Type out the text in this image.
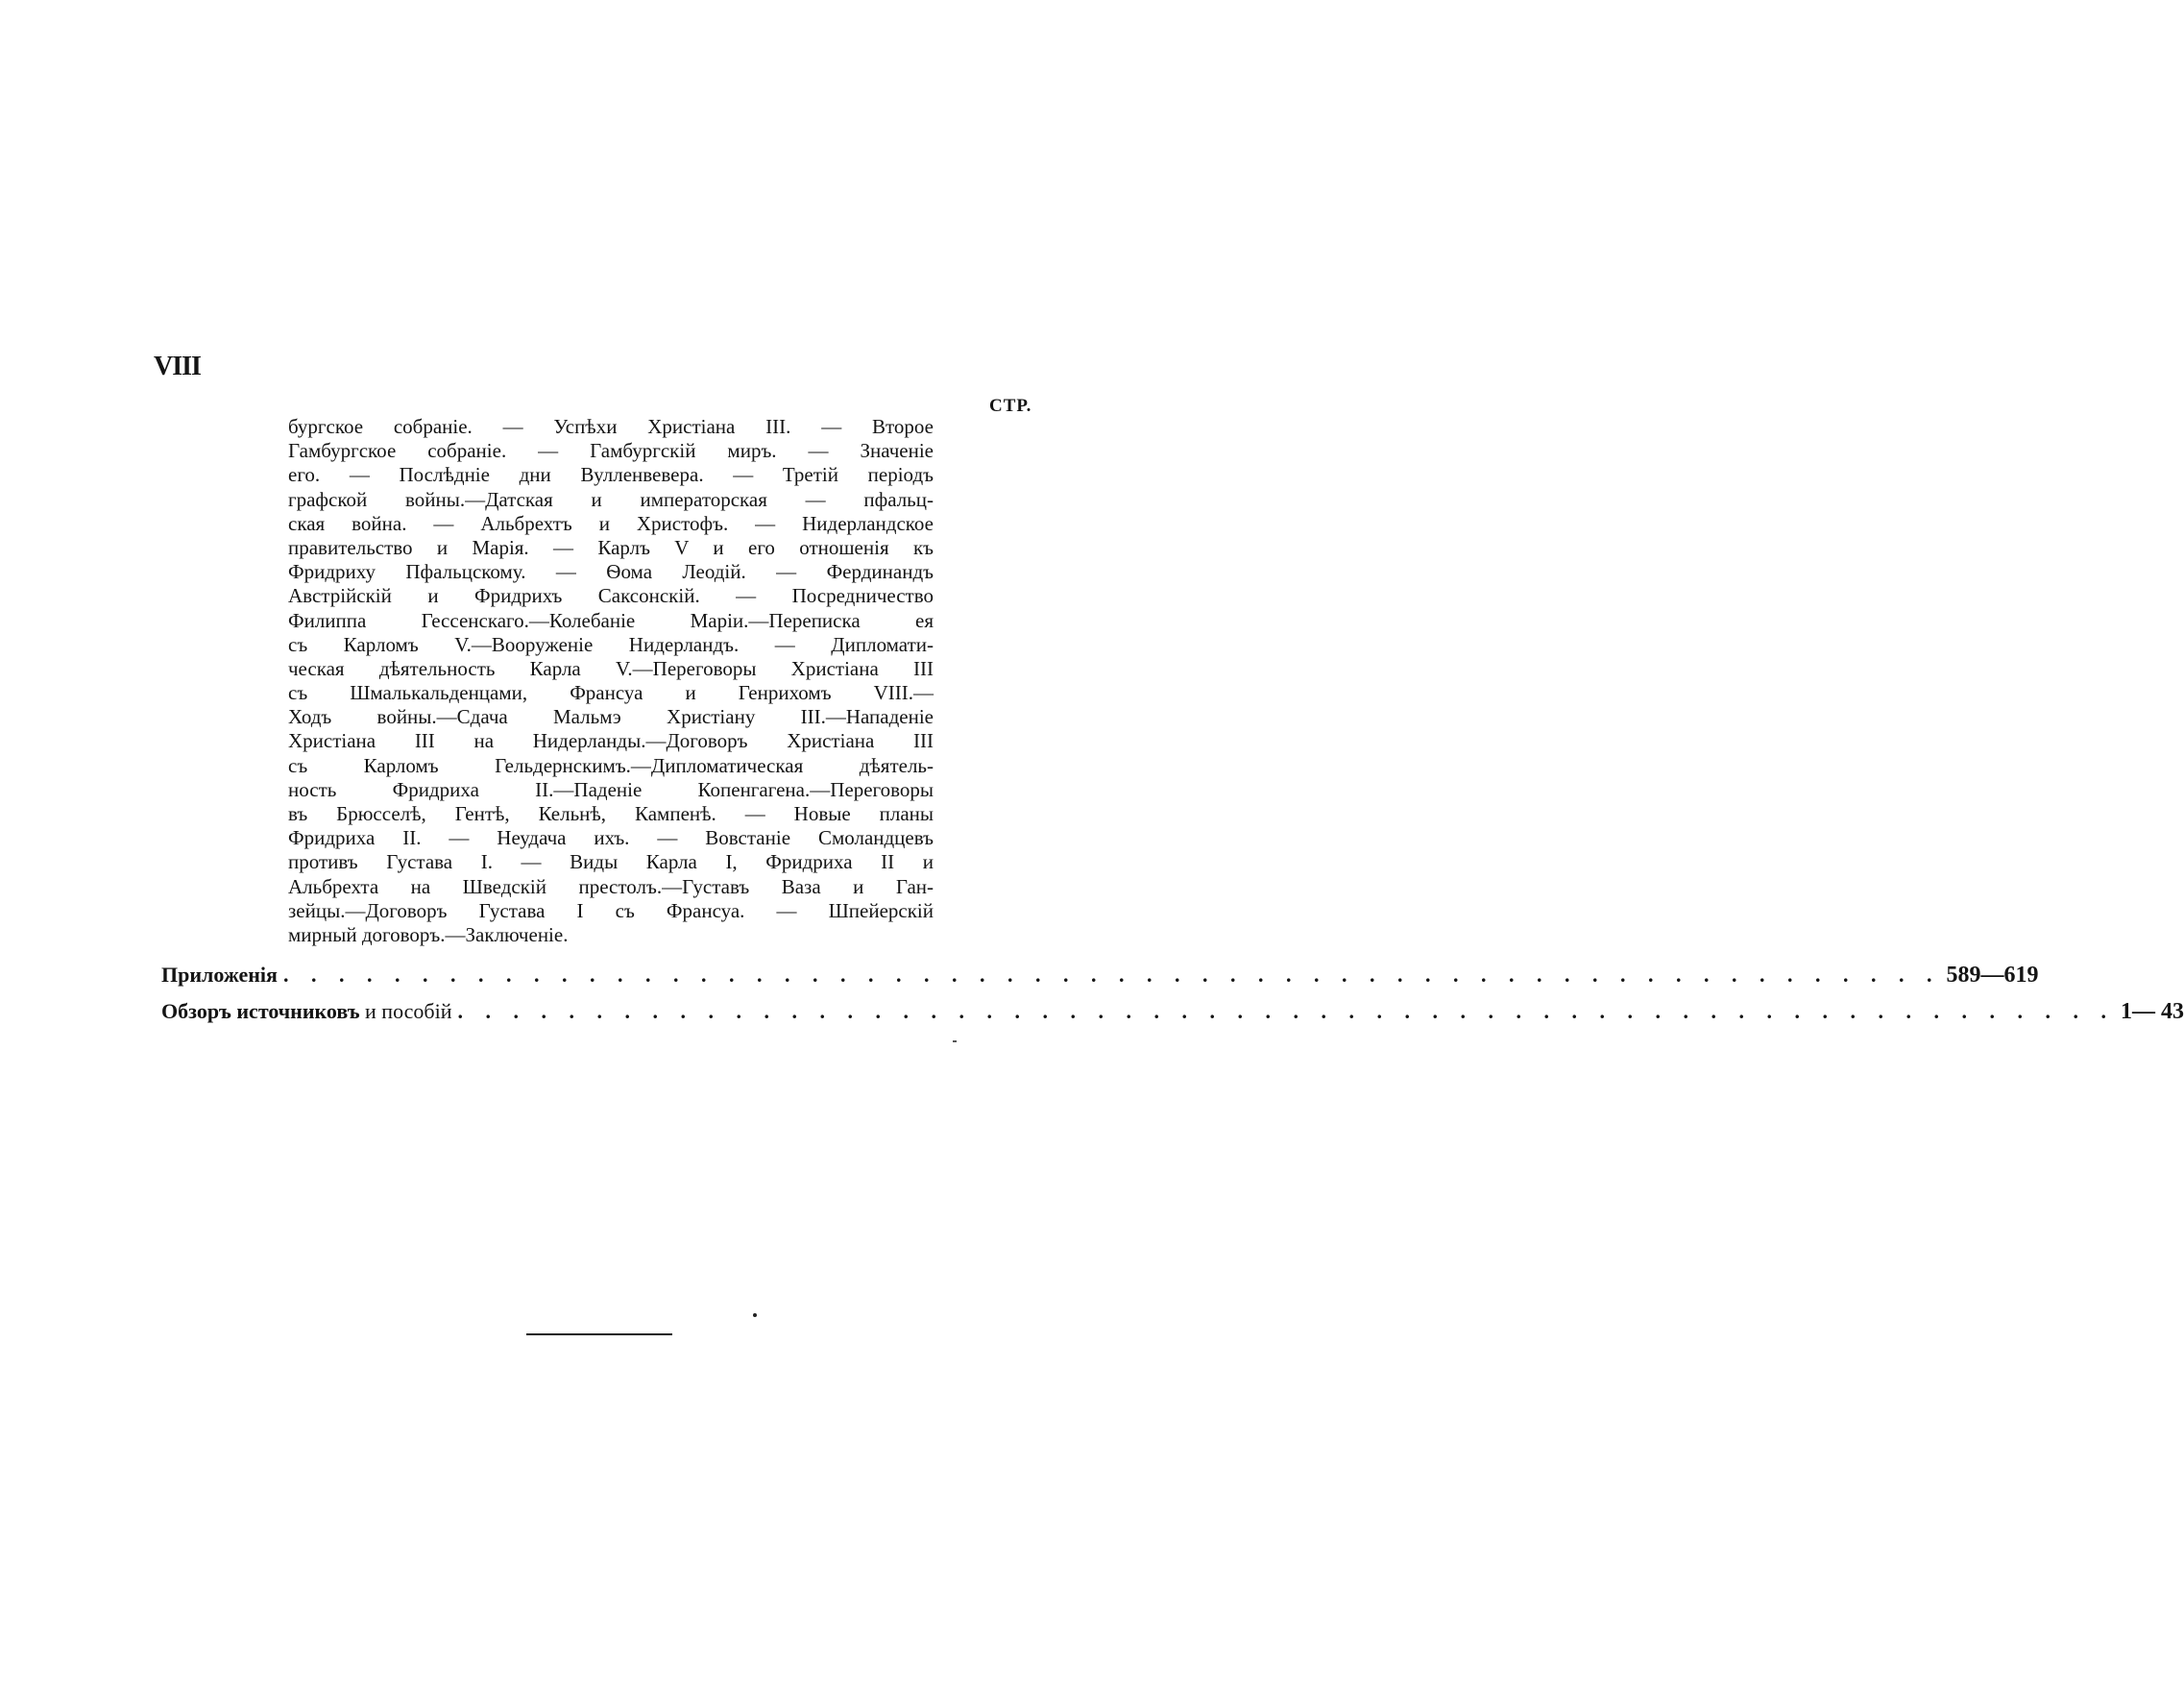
VIII
СТР.
бургское собраніе. — Успѣхи Христіана III. — Второе
Гамбургское собраніе. — Гамбургскій миръ. — Значеніе
его. — Послѣдніе дни Вулленвевера. — Третій періодъ
графской войны.—Датская и императорская — пфальц-
ская война. — Альбрехтъ и Христофъ. — Нидерландское
правительство и Марія. — Карлъ V и его отношенія къ
Фридриху Пфальцскому. — Ѳома Леодій. — Фердинандъ
Австрійскій и Фридрихъ Саксонскій. — Посредничество
Филиппа Гессенскаго.—Колебаніе Маріи.—Переписка ея
съ Карломъ V.—Вооруженіе Нидерландъ. — Дипломати-
ческая дѣятельность Карла V.—Переговоры Христіана III
съ Шмалькальденцами, Франсуа и Генрихомъ VIII.—
Ходъ войны.—Сдача Мальмэ Христіану III.—Нападеніе
Христіана III на Нидерланды.—Договоръ Христіана III
съ Карломъ Гельдернскимъ.—Дипломатическая дѣятель-
ность Фридриха II.—Паденіе Копенгагена.—Переговоры
въ Брюсселѣ, Гентѣ, Кельнѣ, Кампенѣ. — Новые планы
Фридриха II. — Неудача ихъ. — Вовстаніе Смоландцевъ
противъ Густава I. — Виды Карла I, Фридриха II и
Альбрехта на Шведскій престолъ.—Густавъ Ваза и Ган-
зейцы.—Договоръ Густава I съ Франсуа. — Шпейерскій
мирный договоръ.—Заключеніе.
Приложенія . . . . . . . . . . . . . . . . . . . . . . . . . . . . . . . . . . . . . . . . . . . . . . . . . . . . . . . . . . . . 589—619
Обзоръ источниковъ и пособій . . . . . . . . . . . . . . . . . . . . . . . . . . . . . . . . . . . . . . . . . . . . . . . . . . . . . . . . . . . . 1— 43
